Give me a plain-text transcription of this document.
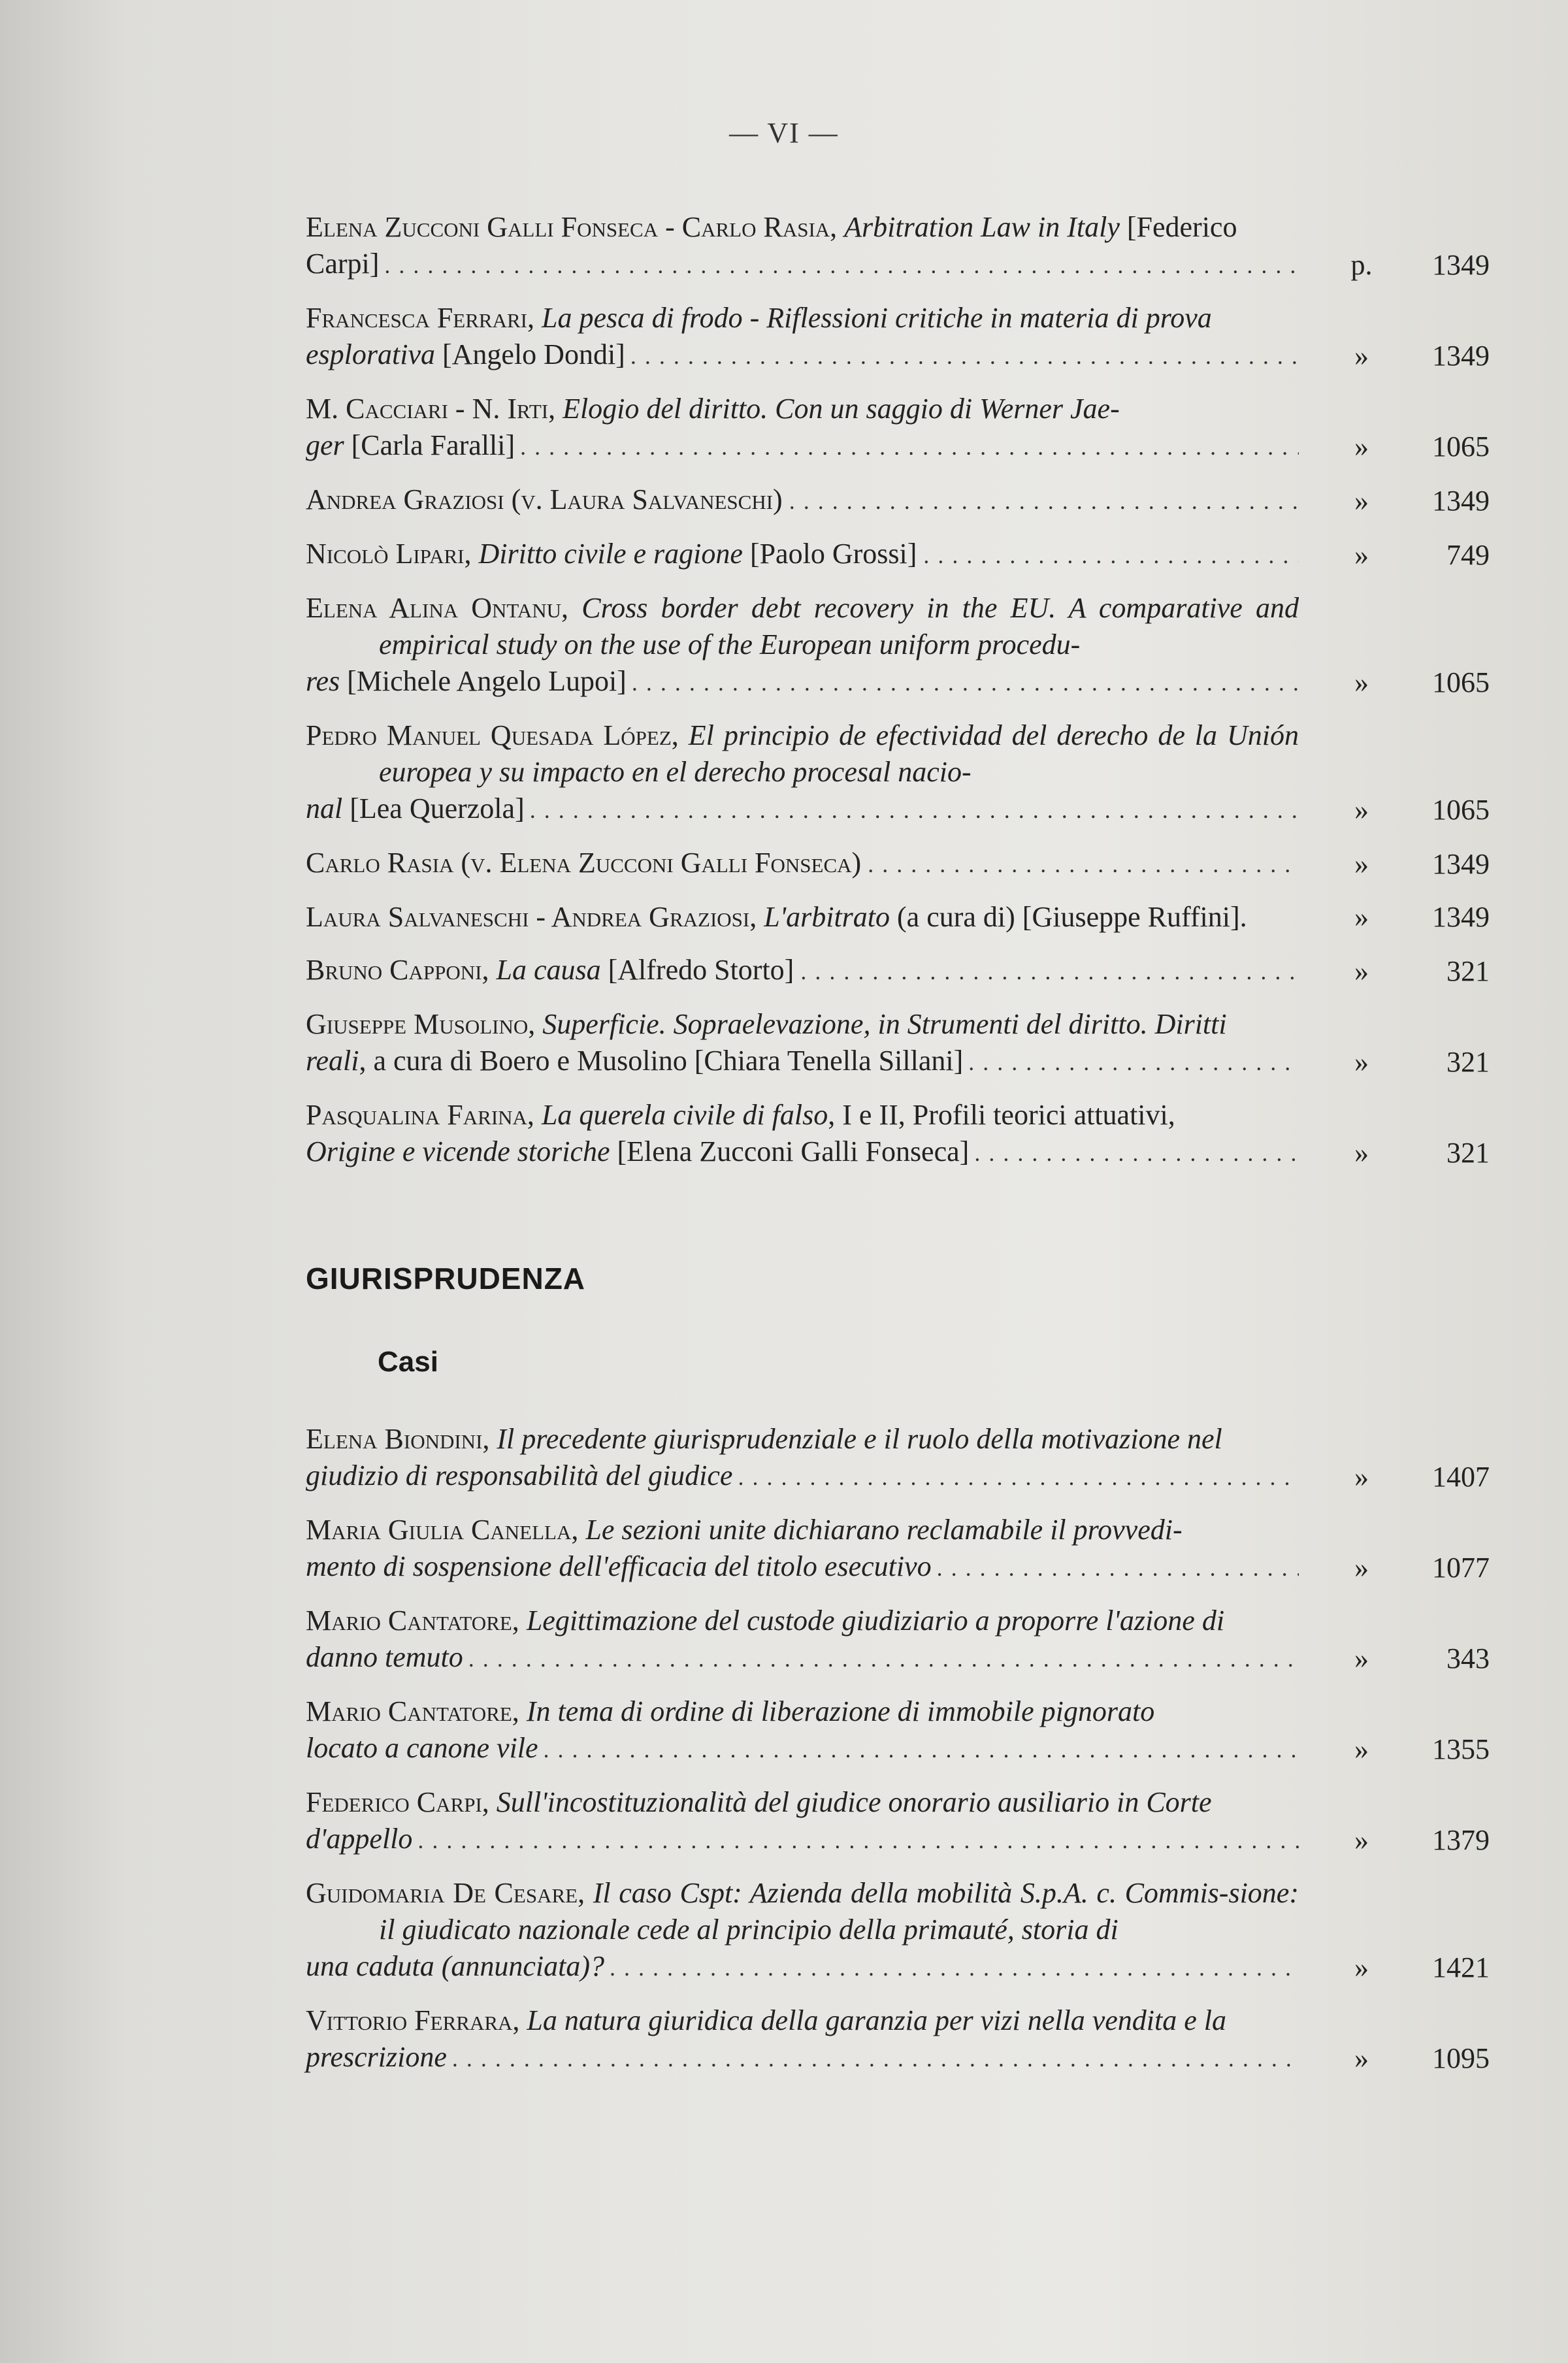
— VI —
Elena Zucconi Galli Fonseca - Carlo Rasia, Arbitration Law in Italy [Federico
Carpi] . . .	p.	1349
Francesca Ferrari, La pesca di frodo - Riflessioni critiche in materia di prova
esplorativa [Angelo Dondi] . . .	»	1349
M. Cacciari - N. Irti, Elogio del diritto. Con un saggio di Werner Jae-
ger [Carla Faralli] . . .	»	1065
Andrea Graziosi (v. Laura Salvaneschi) . . .	»	1349
Nicolò Lipari, Diritto civile e ragione [Paolo Grossi] . . .	»	749
Elena Alina Ontanu, Cross border debt recovery in the EU. A comparative and empirical study on the use of the European uniform procedu-
res [Michele Angelo Lupoi] . . .	»	1065
Pedro Manuel Quesada López, El principio de efectividad del derecho de la Unión europea y su impacto en el derecho procesal nacio-
nal [Lea Querzola] . . .	»	1065
Carlo Rasia (v. Elena Zucconi Galli Fonseca) . . .	»	1349
Laura Salvaneschi - Andrea Graziosi, L'arbitrato (a cura di) [Giuseppe Ruffini].	»	1349
Bruno Capponi, La causa [Alfredo Storto] . . .	»	321
Giuseppe Musolino, Superficie. Sopraelevazione, in Strumenti del diritto. Diritti
reali, a cura di Boero e Musolino [Chiara Tenella Sillani] . . .	»	321
Pasqualina Farina, La querela civile di falso, I e II, Profili teorici attuativi,
Origine e vicende storiche [Elena Zucconi Galli Fonseca] . . .	»	321
GIURISPRUDENZA
Casi
Elena Biondini, Il precedente giurisprudenziale e il ruolo della motivazione nel
giudizio di responsabilità del giudice . . .	»	1407
Maria Giulia Canella, Le sezioni unite dichiarano reclamabile il provvedi-
mento di sospensione dell'efficacia del titolo esecutivo . . .	»	1077
Mario Cantatore, Legittimazione del custode giudiziario a proporre l'azione di
danno temuto . . .	»	343
Mario Cantatore, In tema di ordine di liberazione di immobile pignorato
locato a canone vile . . .	»	1355
Federico Carpi, Sull'incostituzionalità del giudice onorario ausiliario in Corte
d'appello . . .	»	1379
Guidomaria De Cesare, Il caso Cspt: Azienda della mobilità S.p.A. c. Commis-sione: il giudicato nazionale cede al principio della primauté, storia di
una caduta (annunciata)? . . .	»	1421
Vittorio Ferrara, La natura giuridica della garanzia per vizi nella vendita e la
prescrizione . . .	»	1095
